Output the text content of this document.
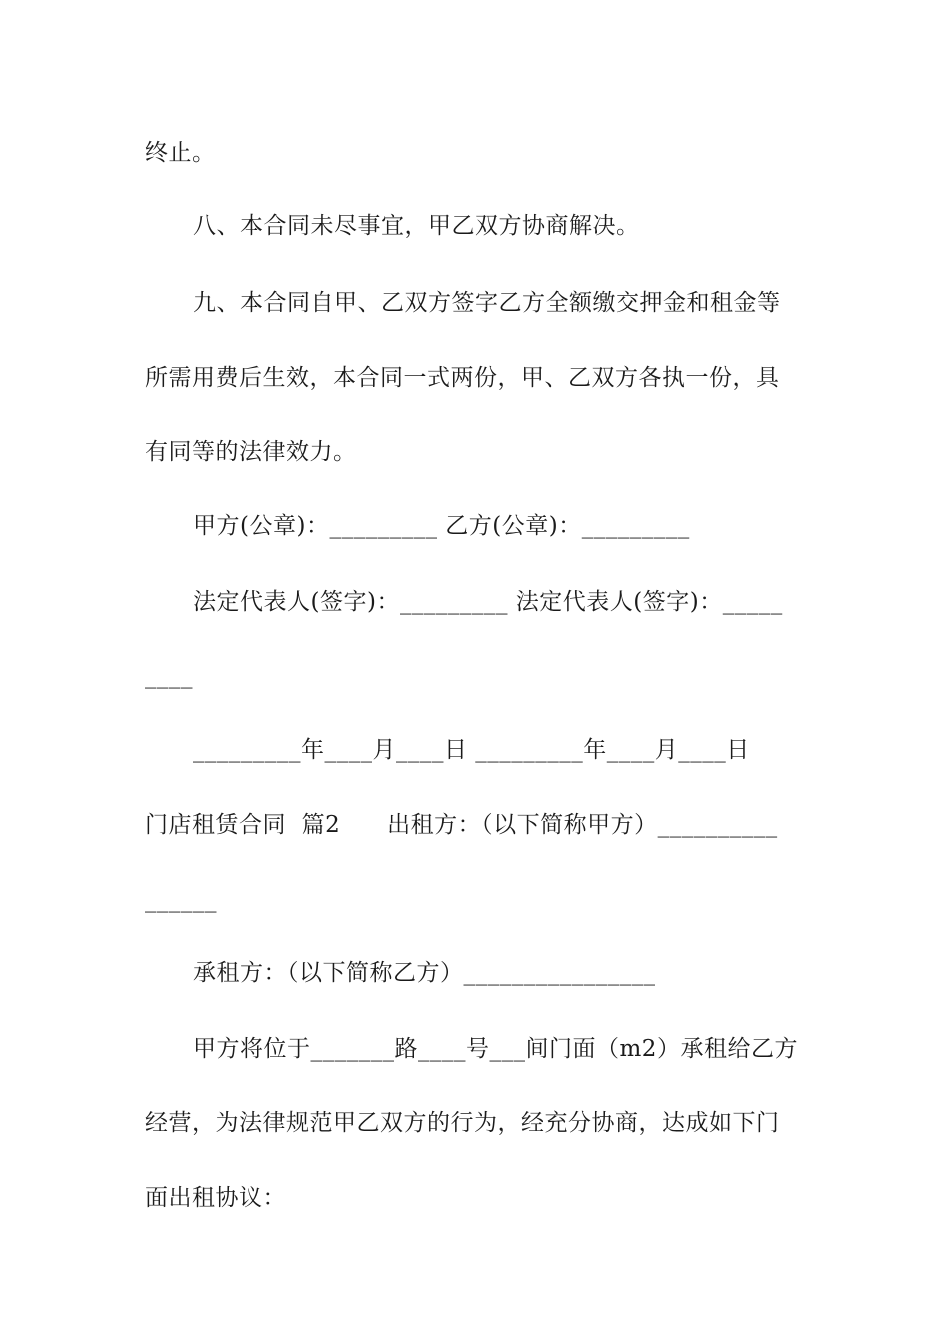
终止。
八、本合同未尽事宜，甲乙双方协商解决。
九、本合同自甲、乙双方签字乙方全额缴交押金和租金等
所需用费后生效，本合同一式两份，甲、乙双方各执一份，具
有同等的法律效力。
甲方(公章)：_________ 乙方(公章)：_________
法定代表人(签字)：_________ 法定代表人(签字)：_____
____
_________年____月____日 _________年____月____日
门店租赁合同  篇2      出租方：（以下简称甲方）__________
______
承租方：（以下简称乙方）________________
甲方将位于_______路____号___间门面（m2）承租给乙方
经营，为法律规范甲乙双方的行为，经充分协商，达成如下门
面出租协议：
